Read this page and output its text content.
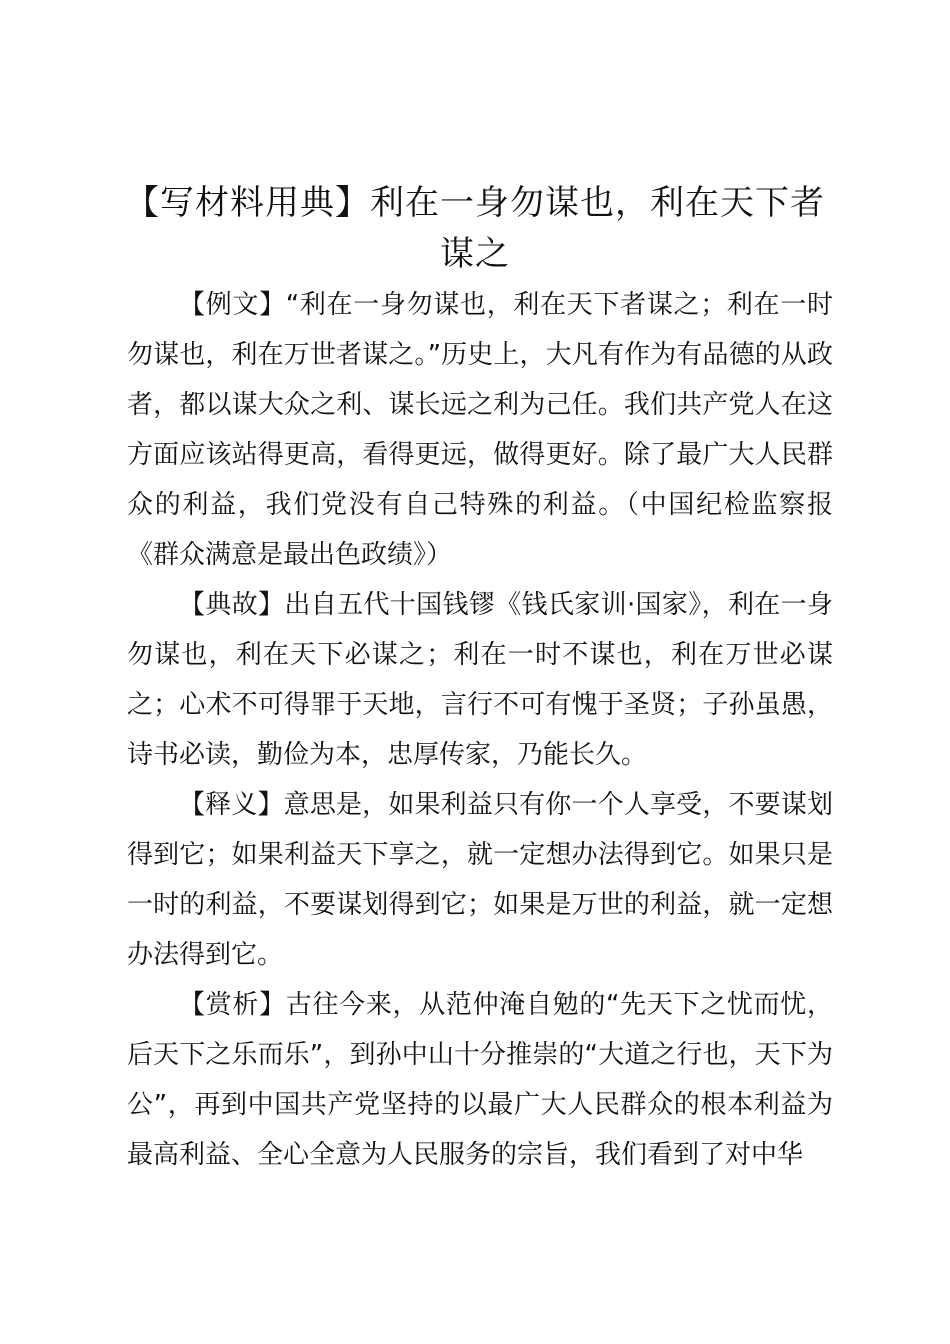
【写材料用典】利在一身勿谋也，利在天下者谋之

【例文】“利在一身勿谋也，利在天下者谋之；利在一时勿谋也，利在万世者谋之。”历史上，大凡有作为有品德的从政者，都以谋大众之利、谋长远之利为己任。我们共产党人在这方面应该站得更高，看得更远，做得更好。除了最广大人民群众的利益，我们党没有自己特殊的利益。（中国纪检监察报《群众满意是最出色政绩》）

【典故】出自五代十国钱镠《钱氏家训·国家》，利在一身勿谋也，利在天下必谋之；利在一时不谋也，利在万世必谋之；心术不可得罪于天地，言行不可有愧于圣贤；子孙虽愚，诗书必读，勤俭为本，忠厚传家，乃能长久。

【释义】意思是，如果利益只有你一个人享受，不要谋划得到它；如果利益天下享之，就一定想办法得到它。如果只是一时的利益，不要谋划得到它；如果是万世的利益，就一定想办法得到它。

【赏析】古往今来，从范仲淹自勉的“先天下之忧而忧，后天下之乐而乐”，到孙中山十分推崇的“大道之行也，天下为公”，再到中国共产党坚持的以最广大人民群众的根本利益为最高利益、全心全意为人民服务的宗旨，我们看到了对中华
